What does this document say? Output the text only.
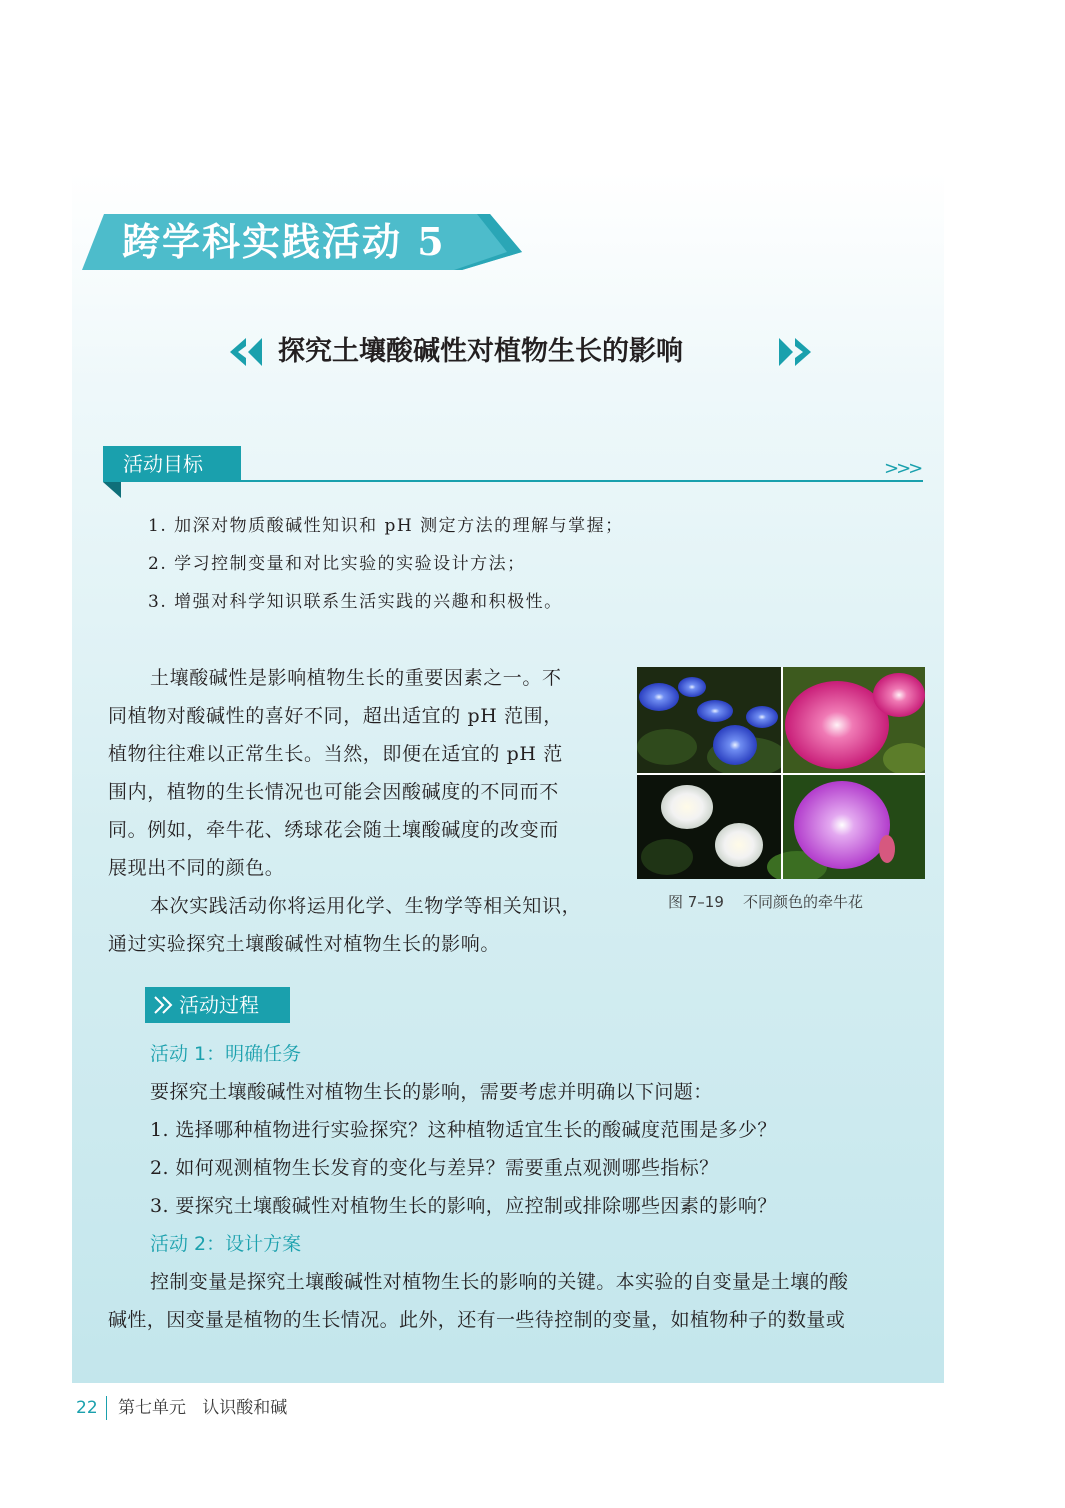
跨学科实践活动 5
探究土壤酸碱性对植物生长的影响
活动目标	>>>
1. 加深对物质酸碱性知识和 pH 测定方法的理解与掌握；
2. 学习控制变量和对比实验的实验设计方法；
3. 增强对科学知识联系生活实践的兴趣和积极性。
土壤酸碱性是影响植物生长的重要因素之一。不
同植物对酸碱性的喜好不同，超出适宜的 pH 范围，
植物往往难以正常生长。当然，即便在适宜的 pH 范
围内，植物的生长情况也可能会因酸碱度的不同而不
同。例如，牵牛花、绣球花会随土壤酸碱度的改变而
展现出不同的颜色。
本次实践活动你将运用化学、生物学等相关知识，
通过实验探究土壤酸碱性对植物生长的影响。
图 7–19    不同颜色的牵牛花
活动过程
活动 1：明确任务
要探究土壤酸碱性对植物生长的影响，需要考虑并明确以下问题：
1. 选择哪种植物进行实验探究？这种植物适宜生长的酸碱度范围是多少？
2. 如何观测植物生长发育的变化与差异？需要重点观测哪些指标？
3. 要探究土壤酸碱性对植物生长的影响，应控制或排除哪些因素的影响？
活动 2：设计方案
控制变量是探究土壤酸碱性对植物生长的影响的关键。本实验的自变量是土壤的酸
碱性，因变量是植物的生长情况。此外，还有一些待控制的变量，如植物种子的数量或
22 第七单元   认识酸和碱
